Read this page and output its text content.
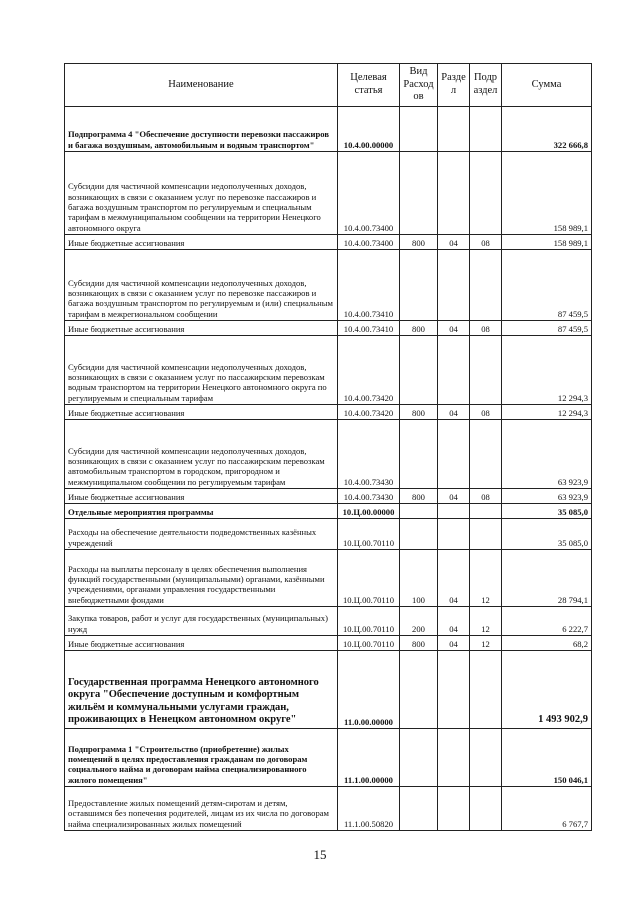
Наименование	Целевая статья	Вид Расход ов	Разде л	Подр аздел	Сумма
Подпрограмма 4 "Обеспечение доступности перевозки пассажиров и багажа воздушным, автомобильным и водным транспортом"	10.4.00.00000				322 666,8
Субсидии для частичной компенсации недополученных доходов, возникающих в связи с оказанием услуг по перевозке пассажиров и багажа воздушным транспортом по регулируемым и специальным тарифам в межмуниципальном сообщении на территории Ненецкого автономного округа	10.4.00.73400				158 989,1
Иные бюджетные ассигнования	10.4.00.73400	800	04	08	158 989,1
Субсидии для частичной компенсации недополученных доходов, возникающих в связи с оказанием услуг по перевозке пассажиров и багажа воздушным транспортом по регулируемым и (или) специальным тарифам в межрегиональном сообщении	10.4.00.73410				87 459,5
Иные бюджетные ассигнования	10.4.00.73410	800	04	08	87 459,5
Субсидии для частичной компенсации недополученных доходов, возникающих в связи с оказанием услуг по пассажирским перевозкам водным транспортом на территории Ненецкого автономного округа по регулируемым и специальным тарифам	10.4.00.73420				12 294,3
Иные бюджетные ассигнования	10.4.00.73420	800	04	08	12 294,3
Субсидии для частичной компенсации недополученных доходов, возникающих в связи с оказанием услуг по пассажирским перевозкам автомобильным транспортом в городском, пригородном и межмуниципальном сообщении по регулируемым тарифам	10.4.00.73430				63 923,9
Иные бюджетные ассигнования	10.4.00.73430	800	04	08	63 923,9
Отдельные мероприятия программы	10.Ц.00.00000				35 085,0
Расходы на обеспечение деятельности подведомственных казённых учреждений	10.Ц.00.70110				35 085,0
Расходы на выплаты персоналу в целях обеспечения выполнения функций государственными (муниципальными) органами, казёнными учреждениями, органами управления государственными внебюджетными фондами	10.Ц.00.70110	100	04	12	28 794,1
Закупка товаров, работ и услуг для государственных (муниципальных) нужд	10.Ц.00.70110	200	04	12	6 222,7
Иные бюджетные ассигнования	10.Ц.00.70110	800	04	12	68,2
Государственная программа Ненецкого автономного округа "Обеспечение доступным и комфортным жильём и коммунальными услугами граждан, проживающих в Ненецком автономном округе"	11.0.00.00000				1 493 902,9
Подпрограмма 1 "Строительство (приобретение) жилых помещений в целях предоставления гражданам по договорам социального найма и договорам найма специализированного жилого помещения"	11.1.00.00000				150 046,1
Предоставление жилых помещений детям-сиротам и детям, оставшимся без попечения родителей, лицам из их числа по договорам найма специализированных жилых помещений	11.1.00.50820				6 767,7
15
